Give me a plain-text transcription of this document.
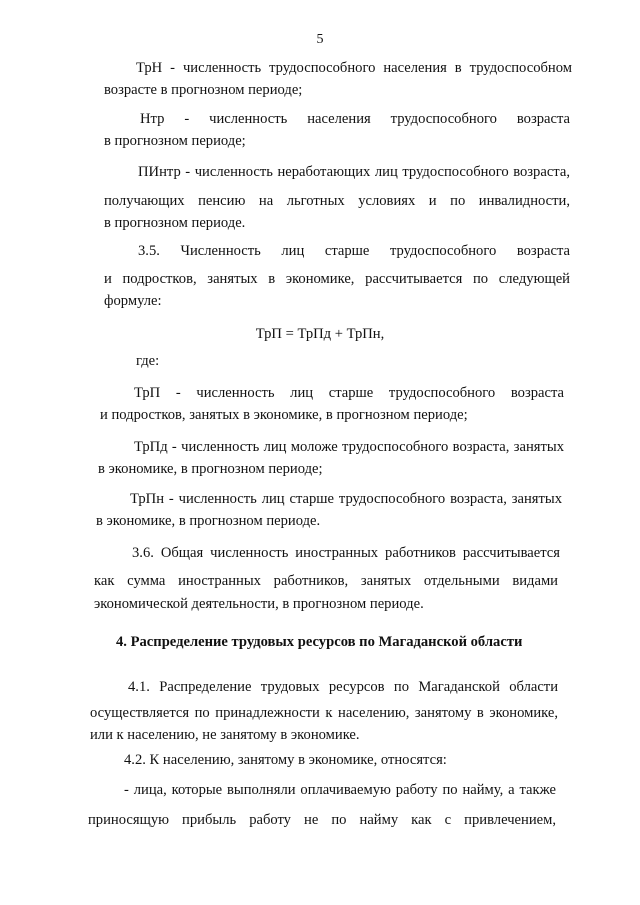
5
ТрН - численность трудоспособного населения в трудоспособном
возрасте в прогнозном периоде;
Нтр - численность населения трудоспособного возраста
в прогнозном периоде;
ПИнтр - численность неработающих лиц трудоспособного возраста,
получающих пенсию на льготных условиях и по инвалидности,
в прогнозном периоде.
3.5. Численность лиц старше трудоспособного возраста
и подростков, занятых в экономике, рассчитывается по следующей
формуле:
где:
ТрП - численность лиц старше трудоспособного возраста
и подростков, занятых в экономике, в прогнозном периоде;
ТрПд - численность лиц моложе трудоспособного возраста, занятых
в экономике, в прогнозном периоде;
ТрПн - численность лиц старше трудоспособного возраста, занятых
в экономике, в прогнозном периоде.
3.6. Общая численность иностранных работников рассчитывается
как сумма иностранных работников, занятых отдельными видами
экономической деятельности, в прогнозном периоде.
4.1. Распределение трудовых ресурсов по Магаданской области
осуществляется по принадлежности к населению, занятому в экономике,
или к населению, не занятому в экономике.
4.2. К населению, занятому в экономике, относятся:
- лица, которые выполняли оплачиваемую работу по найму, а также
приносящую прибыль работу не по найму как с привлечением,
ТрП = ТрПд + ТрПн,
4. Распределение трудовых ресурсов по Магаданской области
